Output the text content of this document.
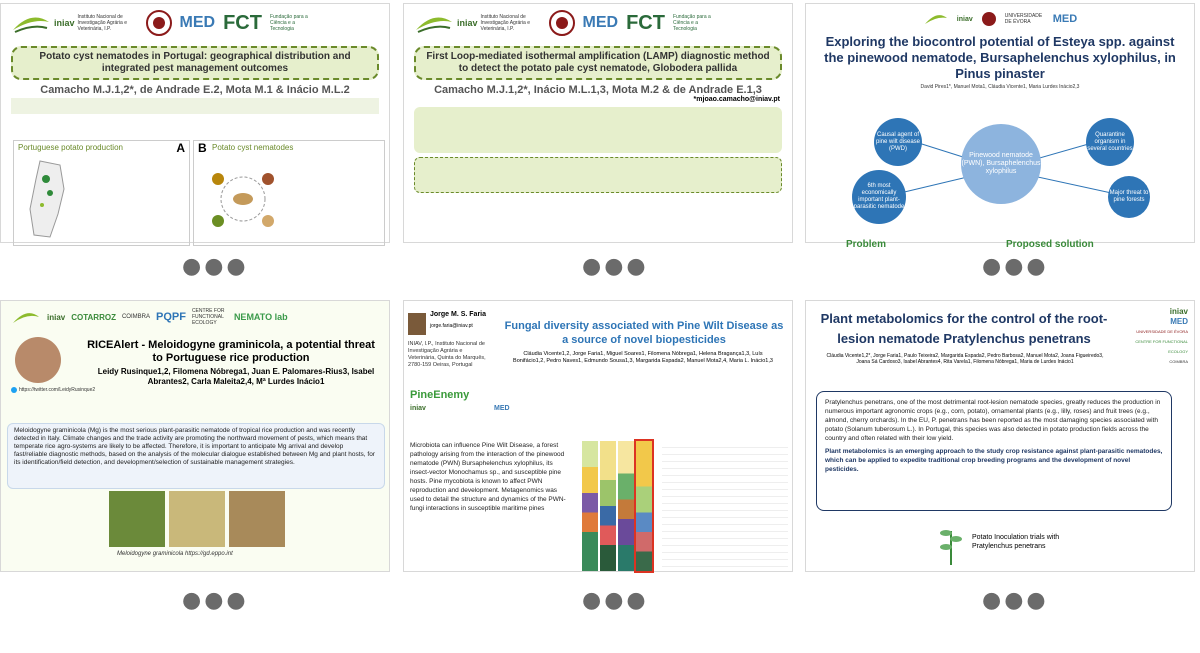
iniav
Instituto Nacional de Investigação Agrária e Veterinária, I.P.	MED FCT Fundação para a Ciência e a Tecnologia
Potato cyst nematodes in Portugal: geographical distribution and integrated pest management outcomes
Camacho M.J.1,2*, de Andrade E.2, Mota M.1 & Inácio M.L.2
Portuguese potato production	A	Potato cyst nematodes
B
●●●
iniav
Instituto Nacional de Investigação Agrária e Veterinária, I.P.	MED FCT Fundação para a Ciência e a Tecnologia
First Loop-mediated isothermal amplification (LAMP) diagnostic method to detect the potato pale cyst nematode, Globodera pallida
Camacho M.J.1,2*, Inácio M.L.1,3, Mota M.2 & de Andrade E.1,3
*mjoao.camacho@iniav.pt
●●●
iniav	UNIVERSIDADE DE ÉVORA	MED
Exploring the biocontrol potential of Esteya spp. against the pinewood nematode, Bursaphelenchus xylophilus, in Pinus pinaster
David Pires1*, Manuel Mota1, Cláudia Vicente1, Maria Lurdes Inácio2,3
Pinewood nematode (PWN), Bursaphelenchus xylophilus
Causal agent of pine wilt disease (PWD)
Quarantine organism in several countries
6th most economically important plant-parasitic nematode
Major threat to pine forests
Problem	Proposed solution
●●●
iniav COTARROZ COIMBRA PQPF CENTRE FOR FUNCTIONAL ECOLOGY
NEMATO lab
https://twitter.com/LeidyRusinque2
RICEAlert - Meloidogyne graminicola, a potential threat to Portuguese rice production
Leidy Rusinque1,2, Filomena Nóbrega1, Juan E. Palomares-Rius3, Isabel Abrantes2, Carla Maleita2,4, Mª Lurdes Inácio1
Meloidogyne graminicola (Mg) is the most serious plant-parasitic nematode of tropical rice production and was recently detected in Italy. Climate changes and the trade activity are promoting the northward movement of pests, which means that temperate rice agro-systems are likely to be affected. Therefore, it is important to anticipate Mg arrival and develop fast/reliable diagnostic methods, based on the analysis of the molecular dialogue established between Mg and plant hosts, for its identification/field detection, and development/selection of sustainable management strategies.
Meloidogyne graminicola https://gd.eppo.int
●●●
Jorge M. S. Faria
jorge.faria@iniav.pt
INIAV, I.P., Instituto Nacional de Investigação Agrária e Veterinária, Quinta do Marquês, 2780-159 Oeiras, Portugal
Fungal diversity associated with Pine Wilt Disease as a source of novel biopesticides
Cláudia Vicente1,2, Jorge Faria1, Miguel Soares1, Filomena Nóbrega1, Helena Bragança1,3, Luís Bonifácio1,2, Pedro Naves1, Edmundo Sousa1,3, Margarida Espada2, Manuel Mota2,4, Maria L. Inácio1,3
PineEnemy
iniav	MED
Microbiota can influence Pine Wilt Disease, a forest pathology arising from the interaction of the pinewood nematode (PWN) Bursaphelenchus xylophilus, its insect-vector Monochamus sp., and susceptible pine hosts. Pine mycobiota is known to affect PWN reproduction and development. Metagenomics was used to detail the structure and dynamics of the PWN-fungi interactions in susceptible maritime pines
●●●
Plant metabolomics for the control of the root-lesion nematode Pratylenchus penetrans
iniav
MED
UNIVERSIDADE DE ÉVORA
CENTRE FOR FUNCTIONAL ECOLOGY
COIMBRA
Cláudia Vicente1,2*, Jorge Faria1, Paulo Teixeira2, Margarida Espada2, Pedro Barbosa2, Manuel Mota2, Joana Figueiredo3, Joana Sá Cardoso3, Isabel Abrantes4, Rita Varela1, Filomena Nóbrega1, Maria de Lurdes Inácio1
Pratylenchus penetrans, one of the most detrimental root-lesion nematode species, greatly reduces the production in numerous important agronomic crops (e.g., corn, potato), ornamental plants (e.g., lilly, roses) and fruit trees (e.g., almond, cherry orchards). In the EU, P. penetrans has been reported as the most damaging species associated with potato (Solanum tuberosum L.). In Portugal, this species was also detected in potato production fields across the country and often related with their low yield.
Plant metabolomics is an emerging approach to the study crop resistance against plant-parasitic nematodes, which can be applied to expedite traditional crop breeding programs and the development of novel pesticides.
Potato Inoculation trials with Pratylenchus penetrans
●●●
